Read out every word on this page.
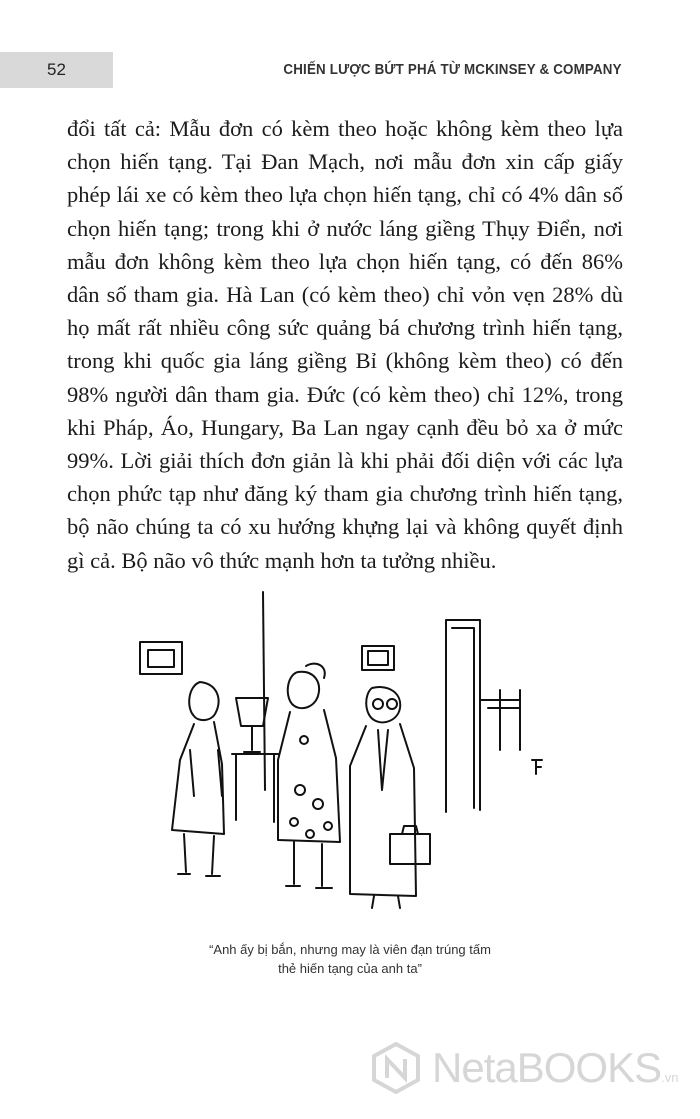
52	CHIẾN LƯỢC BỨT PHÁ TỪ MCKINSEY & COMPANY

đổi tất cả: Mẫu đơn có kèm theo hoặc không kèm theo lựa chọn hiến tạng. Tại Đan Mạch, nơi mẫu đơn xin cấp giấy phép lái xe có kèm theo lựa chọn hiến tạng, chỉ có 4% dân số chọn hiến tạng; trong khi ở nước láng giềng Thụy Điển, nơi mẫu đơn không kèm theo lựa chọn hiến tạng, có đến 86% dân số tham gia. Hà Lan (có kèm theo) chỉ vỏn vẹn 28% dù họ mất rất nhiều công sức quảng bá chương trình hiến tạng, trong khi quốc gia láng giềng Bỉ (không kèm theo) có đến 98% người dân tham gia. Đức (có kèm theo) chỉ 12%, trong khi Pháp, Áo, Hungary, Ba Lan ngay cạnh đều bỏ xa ở mức 99%. Lời giải thích đơn giản là khi phải đối diện với các lựa chọn phức tạp như đăng ký tham gia chương trình hiến tạng, bộ não chúng ta có xu hướng khựng lại và không quyết định gì cả. Bộ não vô thức mạnh hơn ta tưởng nhiều.

“Anh ấy bị bắn, nhưng may là viên đạn trúng tấm
thẻ hiến tạng của anh ta”

NetaBOOKS .vn
